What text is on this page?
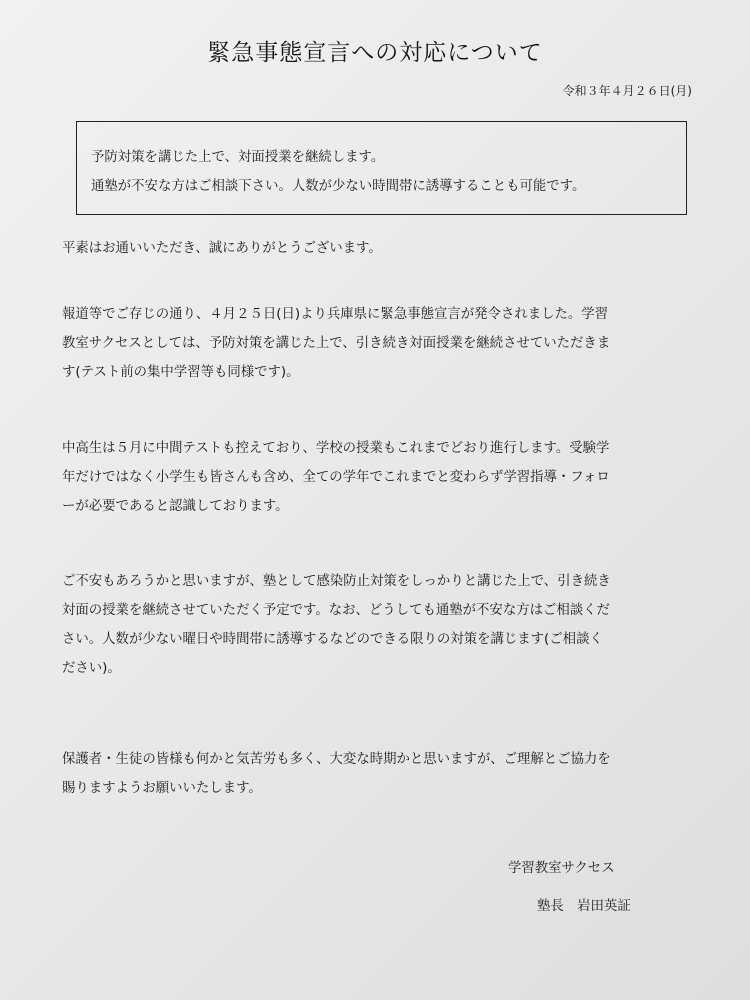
緊急事態宣言への対応について
令和３年４月２６日(月)
予防対策を講じた上で、対面授業を継続します。
通塾が不安な方はご相談下さい。人数が少ない時間帯に誘導することも可能です。
平素はお通いいただき、誠にありがとうございます。
報道等でご存じの通り、４月２５日(日)より兵庫県に緊急事態宣言が発令されました。学習
教室サクセスとしては、予防対策を講じた上で、引き続き対面授業を継続させていただきま
す(テスト前の集中学習等も同様です)。
中高生は５月に中間テストも控えており、学校の授業もこれまでどおり進行します。受験学
年だけではなく小学生も皆さんも含め、全ての学年でこれまでと変わらず学習指導・フォロ
ーが必要であると認識しております。
ご不安もあろうかと思いますが、塾として感染防止対策をしっかりと講じた上で、引き続き
対面の授業を継続させていただく予定です。なお、どうしても通塾が不安な方はご相談くだ
さい。人数が少ない曜日や時間帯に誘導するなどのできる限りの対策を講じます(ご相談く
ださい)。
保護者・生徒の皆様も何かと気苦労も多く、大変な時期かと思いますが、ご理解とご協力を
賜りますようお願いいたします。
学習教室サクセス
塾長　岩田英証
